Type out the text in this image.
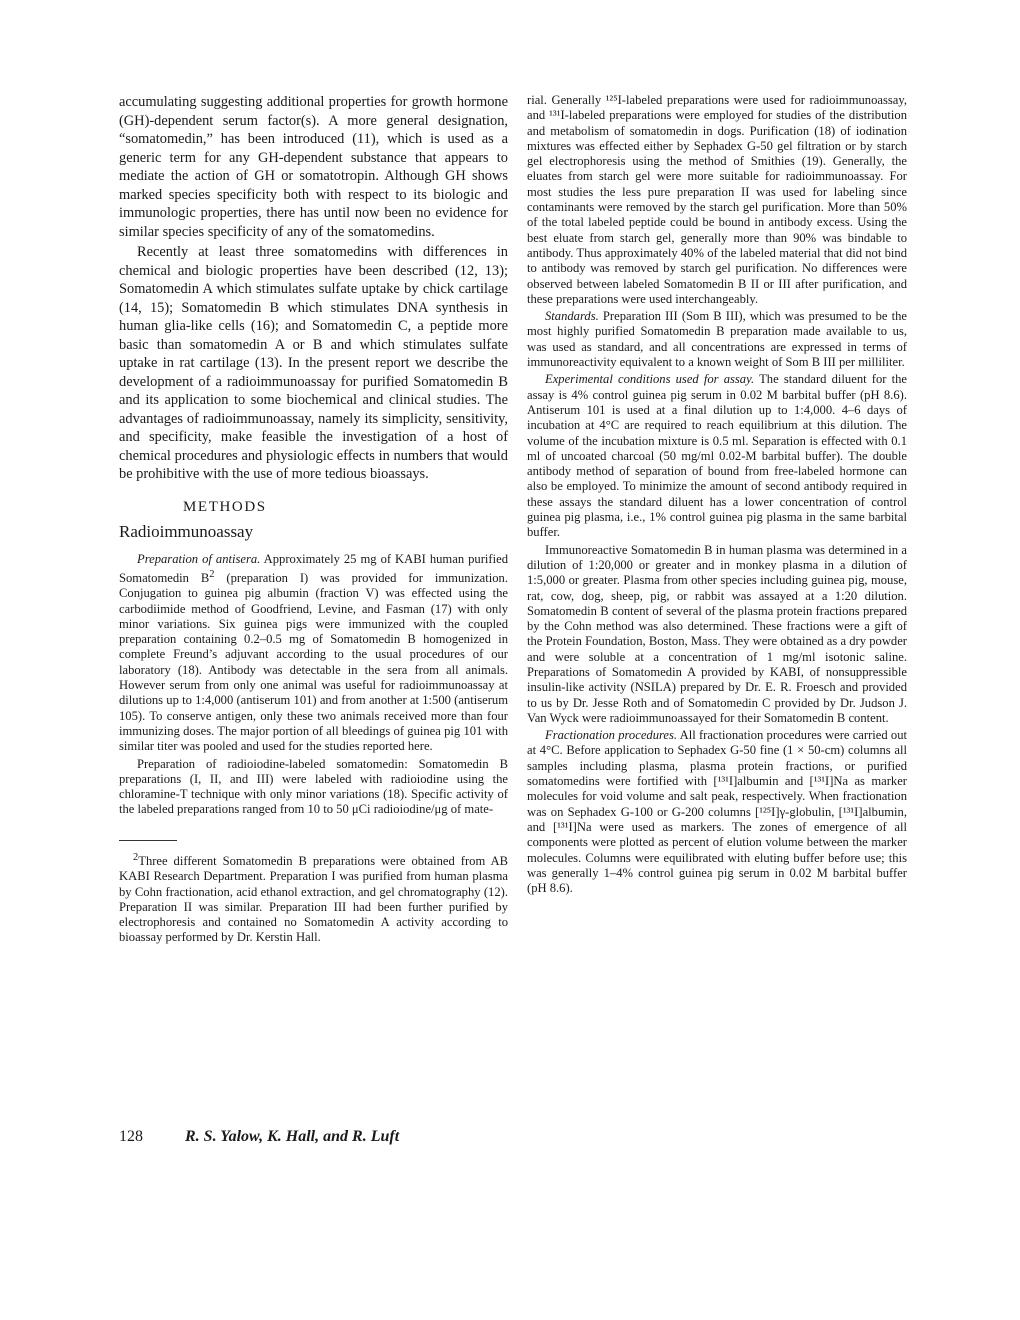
accumulating suggesting additional properties for growth hormone (GH)-dependent serum factor(s). A more general designation, “somatomedin,” has been introduced (11), which is used as a generic term for any GH-dependent substance that appears to mediate the action of GH or somatotropin. Although GH shows marked species specificity both with respect to its biologic and immunologic properties, there has until now been no evidence for similar species specificity of any of the somatomedins.

Recently at least three somatomedins with differences in chemical and biologic properties have been described (12, 13); Somatomedin A which stimulates sulfate uptake by chick cartilage (14, 15); Somatomedin B which stimulates DNA synthesis in human glia-like cells (16); and Somatomedin C, a peptide more basic than somatomedin A or B and which stimulates sulfate uptake in rat cartilage (13). In the present report we describe the development of a radioimmunoassay for purified Somatomedin B and its application to some biochemical and clinical studies. The advantages of radioimmunoassay, namely its simplicity, sensitivity, and specificity, make feasible the investigation of a host of chemical procedures and physiologic effects in numbers that would be prohibitive with the use of more tedious bioassays.

METHODS
Radioimmunoassay

Preparation of antisera. Approximately 25 mg of KABI human purified Somatomedin $B^2$ (preparation I) was provided for immunization. Conjugation to guinea pig albumin (fraction V) was effected using the carbodiimide method of Goodfriend, Levine, and Fasman (17) with only minor variations. Six guinea pigs were immunized with the coupled preparation containing 0.2–0.5 mg of Somatomedin B homogenized in complete Freund’s adjuvant according to the usual procedures of our laboratory (18). Antibody was detectable in the sera from all animals. However serum from only one animal was useful for radioimmunoassay at dilutions up to 1:4,000 (antiserum 101) and from another at 1:500 (antiserum 105). To conserve antigen, only these two animals received more than four immunizing doses. The major portion of all bleedings of guinea pig 101 with similar titer was pooled and used for the studies reported here.

Preparation of radioiodine-labeled somatomedin: Somatomedin B preparations (I, II, and III) were labeled with radioiodine using the chloramine-T technique with only minor variations (18). Specific activity of the labeled preparations ranged from 10 to 50 μCi radioiodine/μg of mate-

$^2$Three different Somatomedin B preparations were obtained from AB KABI Research Department. Preparation I was purified from human plasma by Cohn fractionation, acid ethanol extraction, and gel chromatography (12). Preparation II was similar. Preparation III had been further purified by electrophoresis and contained no Somatomedin A activity according to bioassay performed by Dr. Kerstin Hall.

rial. Generally ¹²⁵I-labeled preparations were used for radioimmunoassay, and ¹³¹I-labeled preparations were employed for studies of the distribution and metabolism of somatomedin in dogs. Purification (18) of iodination mixtures was effected either by Sephadex G-50 gel filtration or by starch gel electrophoresis using the method of Smithies (19). Generally, the eluates from starch gel were more suitable for radioimmunoassay. For most studies the less pure preparation II was used for labeling since contaminants were removed by the starch gel purification. More than 50% of the total labeled peptide could be bound in antibody excess. Using the best eluate from starch gel, generally more than 90% was bindable to antibody. Thus approximately 40% of the labeled material that did not bind to antibody was removed by starch gel purification. No differences were observed between labeled Somatomedin B II or III after purification, and these preparations were used interchangeably.

Standards. Preparation III (Som B III), which was presumed to be the most highly purified Somatomedin B preparation made available to us, was used as standard, and all concentrations are expressed in terms of immunoreactivity equivalent to a known weight of Som B III per milliliter.

Experimental conditions used for assay. The standard diluent for the assay is 4% control guinea pig serum in 0.02 M barbital buffer (pH 8.6). Antiserum 101 is used at a final dilution up to 1:4,000. 4–6 days of incubation at 4°C are required to reach equilibrium at this dilution. The volume of the incubation mixture is 0.5 ml. Separation is effected with 0.1 ml of uncoated charcoal (50 mg/ml 0.02-M barbital buffer). The double antibody method of separation of bound from free-labeled hormone can also be employed. To minimize the amount of second antibody required in these assays the standard diluent has a lower concentration of control guinea pig plasma, i.e., 1% control guinea pig plasma in the same barbital buffer.

Immunoreactive Somatomedin B in human plasma was determined in a dilution of 1:20,000 or greater and in monkey plasma in a dilution of 1:5,000 or greater. Plasma from other species including guinea pig, mouse, rat, cow, dog, sheep, pig, or rabbit was assayed at a 1:20 dilution. Somatomedin B content of several of the plasma protein fractions prepared by the Cohn method was also determined. These fractions were a gift of the Protein Foundation, Boston, Mass. They were obtained as a dry powder and were soluble at a concentration of 1 mg/ml isotonic saline. Preparations of Somatomedin A provided by KABI, of nonsuppressible insulin-like activity (NSILA) prepared by Dr. E. R. Froesch and provided to us by Dr. Jesse Roth and of Somatomedin C provided by Dr. Judson J. Van Wyck were radioimmunoassayed for their Somatomedin B content.

Fractionation procedures. All fractionation procedures were carried out at 4°C. Before application to Sephadex G-50 fine (1 × 50-cm) columns all samples including plasma, plasma protein fractions, or purified somatomedins were fortified with [¹³¹I]albumin and [¹³¹I]Na as marker molecules for void volume and salt peak, respectively. When fractionation was on Sephadex G-100 or G-200 columns [¹²⁵I]γ-globulin, [¹³¹I]albumin, and [¹³¹I]Na were used as markers. The zones of emergence of all components were plotted as percent of elution volume between the marker molecules. Columns were equilibrated with eluting buffer before use; this was generally 1–4% control guinea pig serum in 0.02 M barbital buffer (pH 8.6).

128	R. S. Yalow, K. Hall, and R. Luft
